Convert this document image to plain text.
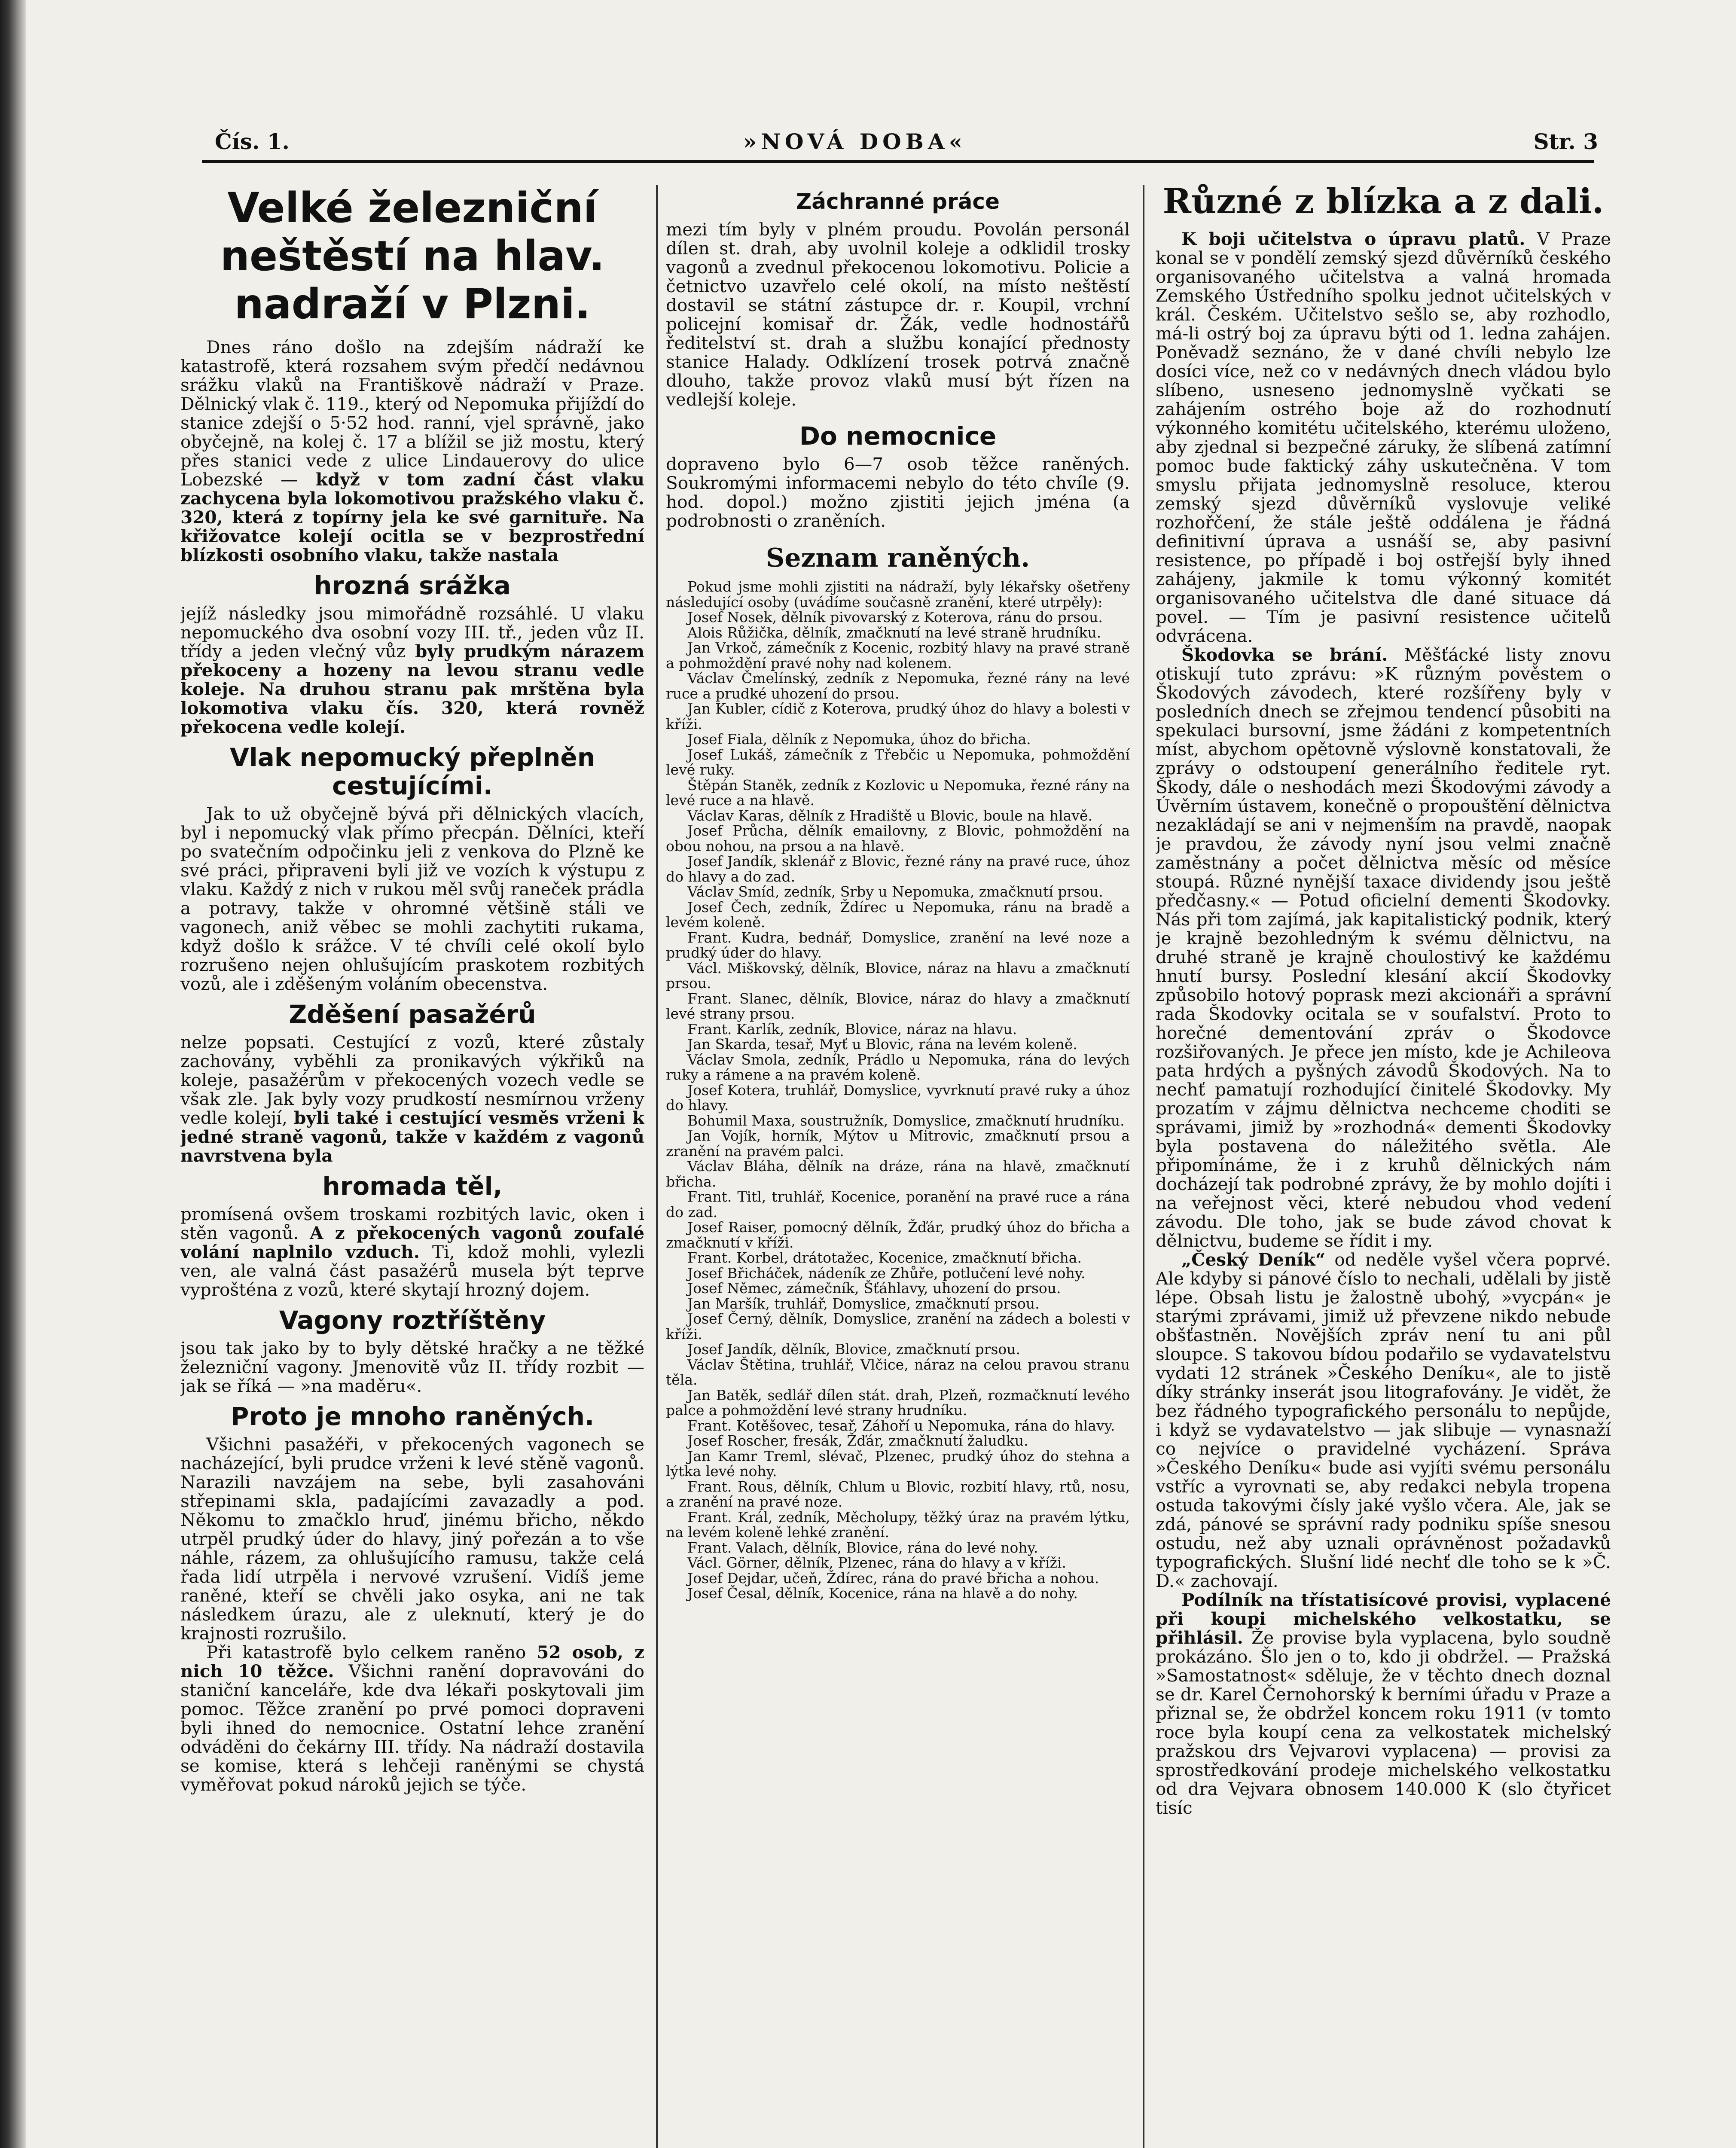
Čís. 1.	»NOVÁ DOBA«	Str. 3
Velké železniční neštěstí na hlav. nadraží v Plzni.

Dnes ráno došlo na zdejším nádraží ke katastrofě, která rozsahem svým předčí nedávnou srážku vlaků na Františkově nádraží v Praze. Dělnický vlak č. 119., který od Nepomuka přijíždí do stanice zdejší o 5·52 hod. ranní, vjel správně, jako obyčejně, na kolej č. 17 a blížil se již mostu, který přes stanici vede z ulice Lindauerovy do ulice Lobezské — když v tom zadní část vlaku zachycena byla lokomotivou pražského vlaku č. 320, která z topírny jela ke své garnituře. Na křižovatce kolejí ocitla se v bezprostřední blízkosti osobního vlaku, takže nastala

hrozná srážka

jejíž následky jsou mimořádně rozsáhlé. U vlaku nepomuckého dva osobní vozy III. tř., jeden vůz II. třídy a jeden vlečný vůz byly prudkým nárazem překoceny a hozeny na levou stranu vedle koleje. Na druhou stranu pak mrštěna byla lokomotiva vlaku čís. 320, která rovněž překocena vedle kolejí.

Vlak nepomucký přeplněn cestujícími.

Jak to už obyčejně bývá při dělnických vlacích, byl i nepomucký vlak přímo přecpán. Dělníci, kteří po svatečním odpočinku jeli z venkova do Plzně ke své práci, připraveni byli již ve vozích k výstupu z vlaku. Každý z nich v rukou měl svůj raneček prádla a potravy, takže v ohromné většině stáli ve vagonech, aniž věbec se mohli zachytiti rukama, když došlo k srážce. V té chvíli celé okolí bylo rozrušeno nejen ohlušujícím praskotem rozbitých vozů, ale i zděšeným voláním obecenstva.

Zděšení pasažérů

nelze popsati. Cestující z vozů, které zůstaly zachovány, vyběhli za pronikavých výkřiků na koleje, pasažérům v překocených vozech vedle se však zle. Jak byly vozy prudkostí nesmírnou vrženy vedle kolejí, byli také i cestující vesměs vrženi k jedné straně vagonů, takže v každém z vagonů navrstvena byla

hromada těl,

promísená ovšem troskami rozbitých lavic, oken i stěn vagonů. A z překocených vagonů zoufalé volání naplnilo vzduch. Ti, kdož mohli, vylezli ven, ale valná část pasažérů musela být teprve vyprošténa z vozů, které skytají hrozný dojem.

Vagony roztříštěny

jsou tak jako by to byly dětské hračky a ne těžké železniční vagony. Jmenovitě vůz II. třídy rozbit — jak se říká — »na maděru«.

Proto je mnoho raněných.

Všichni pasažéři, v překocených vagonech se nacházející, byli prudce vrženi k levé stěně vagonů. Narazili navzájem na sebe, byli zasahováni střepinami skla, padajícími zavazadly a pod. Někomu to zmačklo hruď, jinému břicho, někdo utrpěl prudký úder do hlavy, jiný pořezán a to vše náhle, rázem, za ohlušujícího ramusu, takže celá řada lidí utrpěla i nervové vzrušení. Vidíš jeme raněné, kteří se chvěli jako osyka, ani ne tak následkem úrazu, ale z uleknutí, který je do krajnosti rozrušilo.

Při katastrofě bylo celkem raněno 52 osob, z nich 10 těžce. Všichni ranění dopravováni do staniční kanceláře, kde dva lékaři poskytovali jim pomoc. Těžce zranění po prvé pomoci dopraveni byli ihned do nemocnice. Ostatní lehce zranění odváděni do čekárny III. třídy. Na nádraží dostavila se komise, která s lehčeji raněnými se chystá vyměřovat pokud nároků jejich se týče.

Záchranné práce

mezi tím byly v plném proudu. Povolán personál dílen st. drah, aby uvolnil koleje a odklidil trosky vagonů a zvednul překocenou lokomotivu. Policie a četnictvo uzavřelo celé okolí, na místo neštěstí dostavil se státní zástupce dr. r. Koupil, vrchní policejní komisař dr. Žák, vedle hodnostářů ředitelství st. drah a službu konající přednosty stanice Halady. Odklízení trosek potrvá značně dlouho, takže provoz vlaků musí být řízen na vedlejší koleje.

Do nemocnice

dopraveno bylo 6—7 osob těžce raněných. Soukromými informacemi nebylo do této chvíle (9. hod. dopol.) možno zjistiti jejich jména (a podrobnosti o zraněních.

Seznam raněných.

Pokud jsme mohli zjistiti na nádraží, byly lékařsky ošetřeny následující osoby (uvádíme současně zranění, které utrpěly):

Josef Nosek, dělník pivovarský z Koterova, ránu do prsou.

Alois Růžička, dělník, zmačknutí na levé straně hrudníku.

Jan Vrkoč, zámečník z Kocenic, rozbitý hlavy na pravé straně a pohmoždění pravé nohy nad kolenem.

Václav Čmelínský, zedník z Nepomuka, řezné rány na levé ruce a prudké uhození do prsou.

Jan Kubler, cídič z Koterova, prudký úhoz do hlavy a bolesti v kříži.

Josef Fiala, dělník z Nepomuka, úhoz do břicha.

Josef Lukáš, zámečník z Třebčic u Nepomuka, pohmoždění levé ruky.

Štěpán Staněk, zedník z Kozlovic u Nepomuka, řezné rány na levé ruce a na hlavě.

Václav Karas, dělník z Hradiště u Blovic, boule na hlavě.

Josef Průcha, dělník emailovny, z Blovic, pohmoždění na obou nohou, na prsou a na hlavě.

Josef Jandík, sklenář z Blovic, řezné rány na pravé ruce, úhoz do hlavy a do zad.

Václav Smíd, zedník, Srby u Nepomuka, zmačknutí prsou.

Josef Čech, zedník, Ždírec u Nepomuka, ránu na bradě a levém koleně.

Frant. Kudra, bednář, Domyslice, zranění na levé noze a prudký úder do hlavy.

Václ. Miškovský, dělník, Blovice, náraz na hlavu a zmačknutí prsou.

Frant. Slanec, dělník, Blovice, náraz do hlavy a zmačknutí levé strany prsou.

Frant. Karlík, zedník, Blovice, náraz na hlavu.

Jan Skarda, tesař, Myť u Blovic, rána na levém koleně.

Václav Smola, zedník, Prádlo u Nepomuka, rána do levých ruky a rámene a na pravém koleně.

Josef Kotera, truhlář, Domyslice, vyvrknutí pravé ruky a úhoz do hlavy.

Bohumil Maxa, soustružník, Domyslice, zmačknutí hrudníku.

Jan Vojík, horník, Mýtov u Mitrovic, zmačknutí prsou a zranění na pravém palci.

Václav Bláha, dělník na dráze, rána na hlavě, zmačknutí břicha.

Frant. Titl, truhlář, Kocenice, poranění na pravé ruce a rána do zad.

Josef Raiser, pomocný dělník, Žďár, prudký úhoz do břicha a zmačknutí v kříži.

Frant. Korbel, drátotažec, Kocenice, zmačknutí břicha.

Josef Břicháček, nádeník ze Zhůře, potlučení levé nohy.

Josef Němec, zámečník, Šťáhlavy, uhození do prsou.

Jan Maršík, truhlář, Domyslice, zmačknutí prsou.

Josef Černý, dělník, Domyslice, zranění na zádech a bolesti v kříži.

Josef Jandík, dělník, Blovice, zmačknutí prsou.

Václav Štětina, truhlář, Vlčice, náraz na celou pravou stranu těla.

Jan Batěk, sedlář dílen stát. drah, Plzeň, rozmačknutí levého palce a pohmoždění levé strany hrudníku.

Frant. Kotěšovec, tesař, Záhoří u Nepomuka, rána do hlavy.

Josef Roscher, fresák, Žďár, zmačknutí žaludku.

Jan Kamr Treml, slévač, Plzenec, prudký úhoz do stehna a lýtka levé nohy.

Frant. Rous, dělník, Chlum u Blovic, rozbití hlavy, rtů, nosu, a zranění na pravé noze.

Frant. Král, zedník, Měcholupy, těžký úraz na pravém lýtku, na levém koleně lehké zranění.

Frant. Valach, dělník, Blovice, rána do levé nohy.

Václ. Görner, dělník, Plzenec, rána do hlavy a v kříži.

Josef Dejdar, učeň, Ždírec, rána do pravé břicha a nohou.

Josef Česal, dělník, Kocenice, rána na hlavě a do nohy.

Různé z blízka a z dali.

K boji učitelstva o úpravu platů. V Praze konal se v pondělí zemský sjezd důvěrníků českého organisovaného učitelstva a valná hromada Zemského Ústředního spolku jednot učitelských v král. Českém. Učitelstvo sešlo se, aby rozhodlo, má-li ostrý boj za úpravu býti od 1. ledna zahájen. Poněvadž seznáno, že v dané chvíli nebylo lze dosíci více, než co v nedávných dnech vládou bylo slíbeno, usneseno jednomyslně vyčkati se zahájením ostrého boje až do rozhodnutí výkonného komitétu učitelského, kterému uloženo, aby zjednal si bezpečné záruky, že slíbená zatímní pomoc bude faktický záhy uskutečněna. V tom smyslu přijata jednomyslně resoluce, kterou zemský sjezd důvěrníků vyslovuje veliké rozhořčení, že stále ještě oddálena je řádná definitivní úprava a usnáší se, aby pasivní resistence, po případě i boj ostřejší byly ihned zahájeny, jakmile k tomu výkonný komitét organisovaného učitelstva dle dané situace dá povel. — Tím je pasivní resistence učitelů odvrácena.

Škodovka se brání. Měšťácké listy znovu otiskují tuto zprávu: »K různým pověstem o Škodových závodech, které rozšířeny byly v posledních dnech se zřejmou tendencí působiti na spekulaci bursovní, jsme žádáni z kompetentních míst, abychom opětovně výslovně konstatovali, že zprávy o odstoupení generálního ředitele ryt. Škody, dále o neshodách mezi Škodovými závody a Úvěrním ústavem, konečně o propouštění dělnictva nezakládají se ani v nejmenším na pravdě, naopak je pravdou, že závody nyní jsou velmi značně zaměstnány a počet dělnictva měsíc od měsíce stoupá. Různé nynější taxace dividendy jsou ještě předčasny.« — Potud oficielní dementi Škodovky. Nás při tom zajímá, jak kapitalistický podnik, který je krajně bezohledným k svému dělnictvu, na druhé straně je krajně choulostivý ke každému hnutí bursy. Poslední klesání akcií Škodovky způsobilo hotový poprask mezi akcionáři a správní rada Škodovky ocitala se v soufalství. Proto to horečné dementování zpráv o Škodovce rozšiřovaných. Je přece jen místo, kde je Achileova pata hrdých a pyšných závodů Škodových. Na to nechť pamatují rozhodující činitelé Škodovky. My prozatím v zájmu dělnictva nechceme choditi se správami, jimiž by »rozhodná« dementi Škodovky byla postavena do náležitého světla. Ale připomínáme, že i z kruhů dělnických nám docházejí tak podrobné zprávy, že by mohlo dojíti i na veřejnost věci, které nebudou vhod vedení závodu. Dle toho, jak se bude závod chovat k dělnictvu, budeme se řídit i my.

„Český Deník“ od neděle vyšel včera poprvé. Ale kdyby si pánové číslo to nechali, udělali by jistě lépe. Obsah listu je žalostně ubohý, »vycpán« je starými zprávami, jimiž už převzene nikdo nebude obšťastněn. Novějších zpráv není tu ani půl sloupce. S takovou bídou podařilo se vydavatelstvu vydati 12 stránek »Českého Deníku«, ale to jistě díky stránky inserát jsou litografovány. Je vidět, že bez řádného typografického personálu to nepůjde, i když se vydavatelstvo — jak slibuje — vynasnaží co nejvíce o pravidelné vycházení. Správa »Českého Deníku« bude asi vyjíti svému personálu vstříc a vyrovnati se, aby redakci nebyla tropena ostuda takovými čísly jaké vyšlo včera. Ale, jak se zdá, pánové se správní rady podniku spíše snesou ostudu, než aby uznali oprávněnost požadavků typografických. Slušní lidé nechť dle toho se k »Č. D.« zachovají.

Podílník na třístatisícové provisi, vyplacené při koupi michelského velkostatku, se přihlásil. Že provise byla vyplacena, bylo soudně prokázáno. Šlo jen o to, kdo ji obdržel. — Pražská »Samostatnost« sděluje, že v těchto dnech doznal se dr. Karel Černohorský k berními úřadu v Praze a přiznal se, že obdržel koncem roku 1911 (v tomto roce byla koupí cena za velkostatek michelský pražskou drs Vejvarovi vyplacena) — provisi za sprostředkování prodeje michelského velkostatku od dra Vejvara obnosem 140.000 K (slo čtyřicet tisíc
